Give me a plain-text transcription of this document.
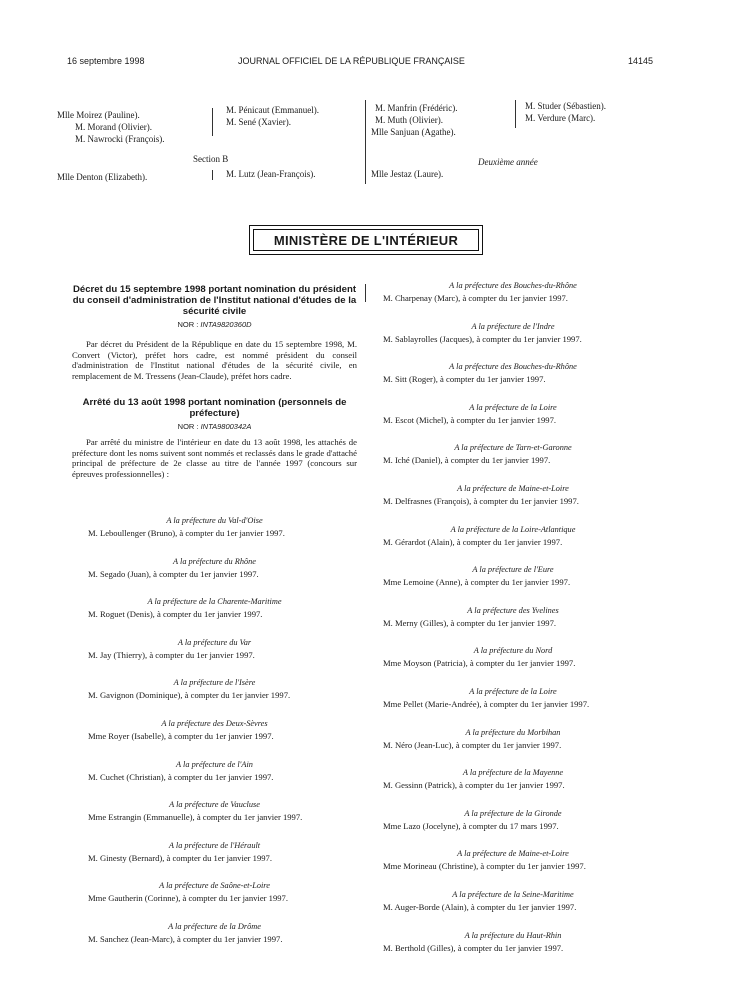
16 septembre 1998	JOURNAL OFFICIEL DE LA RÉPUBLIQUE FRANÇAISE	14145
Mlle Moirez (Pauline).
M. Morand (Olivier).
M. Nawrocki (François).
M. Pénicaut (Emmanuel).
M. Sené (Xavier).
M. Manfrin (Frédéric).
M. Muth (Olivier).
Mlle Sanjuan (Agathe).
M. Studer (Sébastien).
M. Verdure (Marc).
Section B	Deuxième année
Mlle Denton (Elizabeth).	M. Lutz (Jean-François).	Mlle Jestaz (Laure).
MINISTÈRE DE L'INTÉRIEUR
Décret du 15 septembre 1998 portant nomination du président du conseil d'administration de l'Institut national d'études de la sécurité civile
NOR : INTA9820360D
Par décret du Président de la République en date du 15 septembre 1998, M. Convert (Victor), préfet hors cadre, est nommé président du conseil d'administration de l'Institut national d'études de la sécurité civile, en remplacement de M. Tressens (Jean-Claude), préfet hors cadre.
Arrêté du 13 août 1998 portant nomination (personnels de préfecture)
NOR : INTA9800342A
Par arrêté du ministre de l'intérieur en date du 13 août 1998, les attachés de préfecture dont les noms suivent sont nommés et reclassés dans le grade d'attaché principal de préfecture de 2e classe au titre de l'année 1997 (concours sur épreuves professionnelles) :
A la préfecture du Val-d'Oise
M. Leboullenger (Bruno), à compter du 1er janvier 1997.
A la préfecture du Rhône
M. Segado (Juan), à compter du 1er janvier 1997.
A la préfecture de la Charente-Maritime
M. Roguet (Denis), à compter du 1er janvier 1997.
A la préfecture du Var
M. Jay (Thierry), à compter du 1er janvier 1997.
A la préfecture de l'Isère
M. Gavignon (Dominique), à compter du 1er janvier 1997.
A la préfecture des Deux-Sèvres
Mme Royer (Isabelle), à compter du 1er janvier 1997.
A la préfecture de l'Ain
M. Cuchet (Christian), à compter du 1er janvier 1997.
A la préfecture de Vaucluse
Mme Estrangin (Emmanuelle), à compter du 1er janvier 1997.
A la préfecture de l'Hérault
M. Ginesty (Bernard), à compter du 1er janvier 1997.
A la préfecture de Saône-et-Loire
Mme Gautherin (Corinne), à compter du 1er janvier 1997.
A la préfecture de la Drôme
M. Sanchez (Jean-Marc), à compter du 1er janvier 1997.
A la préfecture des Bouches-du-Rhône
M. Charpenay (Marc), à compter du 1er janvier 1997.
A la préfecture de l'Indre
M. Sablayrolles (Jacques), à compter du 1er janvier 1997.
A la préfecture des Bouches-du-Rhône
M. Sitt (Roger), à compter du 1er janvier 1997.
A la préfecture de la Loire
M. Escot (Michel), à compter du 1er janvier 1997.
A la préfecture de Tarn-et-Garonne
M. Iché (Daniel), à compter du 1er janvier 1997.
A la préfecture de Maine-et-Loire
M. Delfrasnes (François), à compter du 1er janvier 1997.
A la préfecture de la Loire-Atlantique
M. Gérardot (Alain), à compter du 1er janvier 1997.
A la préfecture de l'Eure
Mme Lemoine (Anne), à compter du 1er janvier 1997.
A la préfecture des Yvelines
M. Merny (Gilles), à compter du 1er janvier 1997.
A la préfecture du Nord
Mme Moyson (Patricia), à compter du 1er janvier 1997.
A la préfecture de la Loire
Mme Pellet (Marie-Andrée), à compter du 1er janvier 1997.
A la préfecture du Morbihan
M. Néro (Jean-Luc), à compter du 1er janvier 1997.
A la préfecture de la Mayenne
M. Gessinn (Patrick), à compter du 1er janvier 1997.
A la préfecture de la Gironde
Mme Lazo (Jocelyne), à compter du 17 mars 1997.
A la préfecture de Maine-et-Loire
Mme Morineau (Christine), à compter du 1er janvier 1997.
A la préfecture de la Seine-Maritime
M. Auger-Borde (Alain), à compter du 1er janvier 1997.
A la préfecture du Haut-Rhin
M. Berthold (Gilles), à compter du 1er janvier 1997.
